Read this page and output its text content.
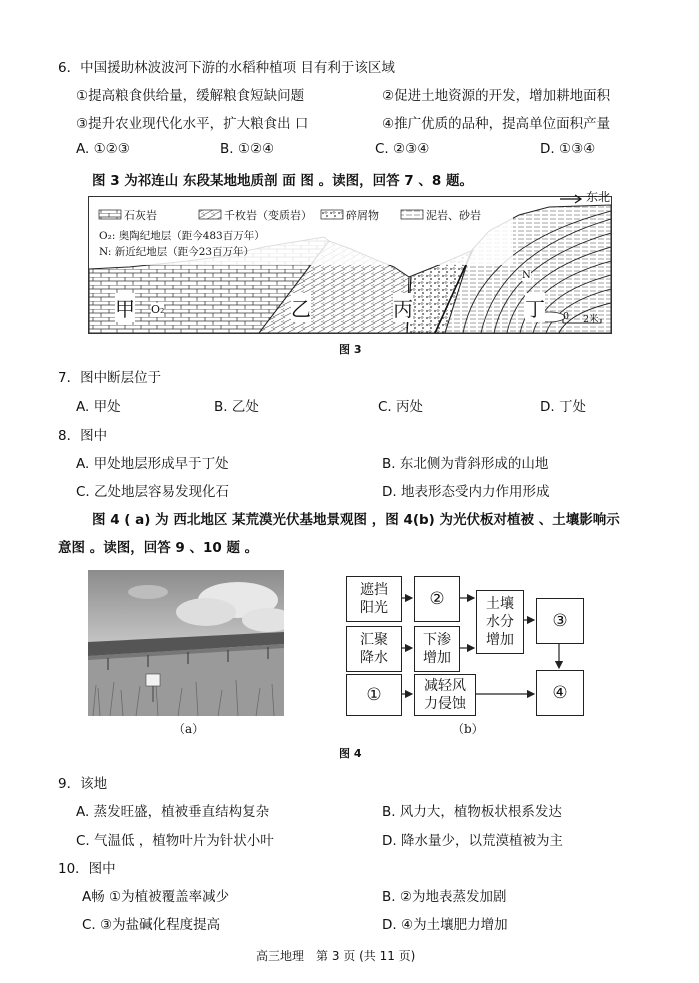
6．中国援助林波波河下游的水稻种植项 目有利于该区域
①提高粮食供给量，缓解粮食短缺问题	②促进土地资源的开发，增加耕地面积
③提升农业现代化水平，扩大粮食出 口	④推广优质的品种，提高单位面积产量
A. ①②③	B. ①②④	C. ②③④	D. ①③④
图 3 为祁连山 东段某地地质剖 面 图 。读图，回答 7 、8 题。
石灰岩	千枚岩（变质岩）	碎屑物	泥岩、砂岩
O₂: 奥陶纪地层（距今483百万年）
N: 新近纪地层（距今23百万年）
甲 O₂	乙	丙	丁
N
0 2米
东北
图 3
7．图中断层位于
A. 甲处	B. 乙处	C. 丙处	D. 丁处
8．图中
A. 甲处地层形成早于丁处	B. 东北侧为背斜形成的山地
C. 乙处地层容易发现化石	D. 地表形态受内力作用形成
图 4 ( a) 为 西北地区 某荒漠光伏基地景观图 ，图 4(b) 为光伏板对植被 、土壤影响示
意图 。读图，回答 9 、10 题 。
（a）
遮挡阳光
汇聚降水
①
②
下渗增加
减轻风力侵蚀
土壤水分增加
③
④
（b）
图 4
9．该地
A. 蒸发旺盛，植被垂直结构复杂	B. 风力大，植物板状根系发达
C. 气温低 ，植物叶片为针状小叶	D. 降水量少，以荒漠植被为主
10．图中
A畅 ①为植被覆盖率减少	B. ②为地表蒸发加剧
C. ③为盐碱化程度提高	D. ④为土壤肥力增加
高三地理　第 3 页 (共 11 页)
